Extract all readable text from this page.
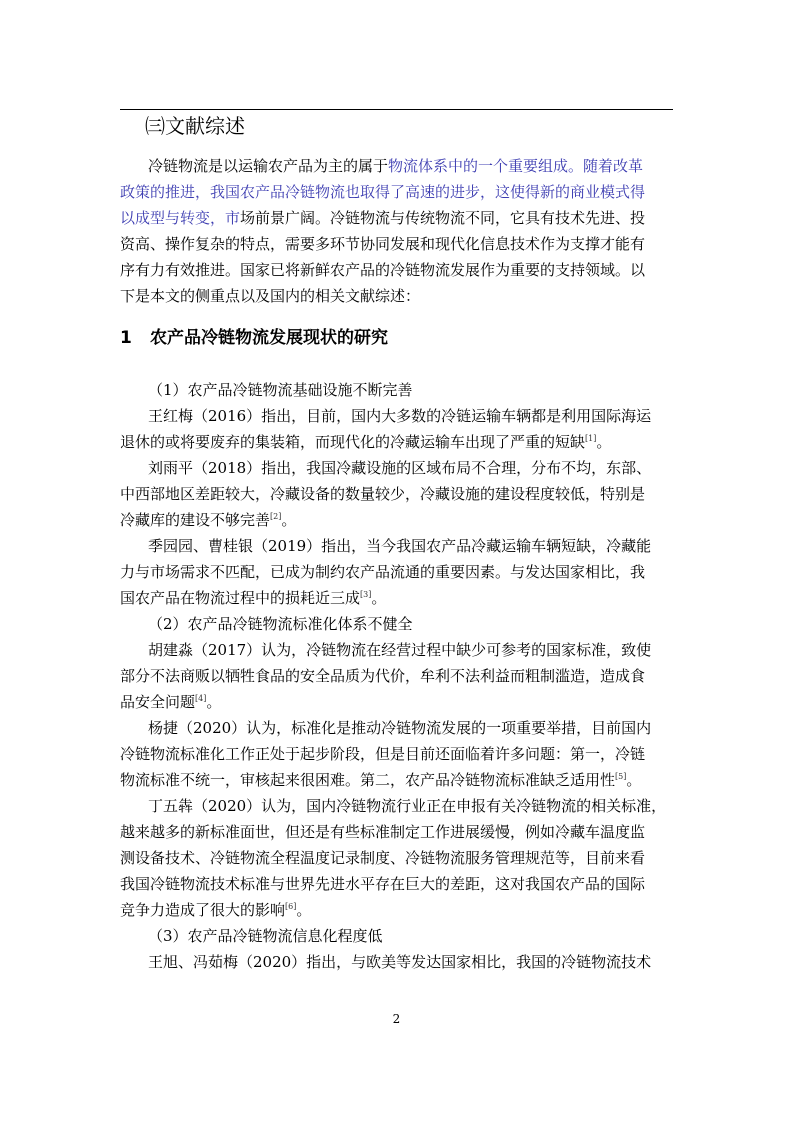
㈢文献综述
冷链物流是以运输农产品为主的属于物流体系中的一个重要组成。随着改革
政策的推进，我国农产品冷链物流也取得了高速的进步，这使得新的商业模式得
以成型与转变，市场前景广阔。冷链物流与传统物流不同，它具有技术先进、投
资高、操作复杂的特点，需要多环节协同发展和现代化信息技术作为支撑才能有
序有力有效推进。国家已将新鲜农产品的冷链物流发展作为重要的支持领域。以
下是本文的侧重点以及国内的相关文献综述：
1 农产品冷链物流发展现状的研究
（1）农产品冷链物流基础设施不断完善
王红梅（2016）指出，目前，国内大多数的冷链运输车辆都是利用国际海运
退休的或将要废弃的集装箱，而现代化的冷藏运输车出现了严重的短缺[1]。
刘雨平（2018）指出，我国冷藏设施的区域布局不合理，分布不均，东部、
中西部地区差距较大，冷藏设备的数量较少，冷藏设施的建设程度较低，特别是
冷藏库的建设不够完善[2]。
季园园、曹桂银（2019）指出，当今我国农产品冷藏运输车辆短缺，冷藏能
力与市场需求不匹配，已成为制约农产品流通的重要因素。与发达国家相比，我
国农产品在物流过程中的损耗近三成[3]。
（2）农产品冷链物流标准化体系不健全
胡建淼（2017）认为，冷链物流在经营过程中缺少可参考的国家标准，致使
部分不法商贩以牺牲食品的安全品质为代价，牟利不法利益而粗制滥造，造成食
品安全问题[4]。
杨捷（2020）认为，标准化是推动冷链物流发展的一项重要举措，目前国内
冷链物流标准化工作正处于起步阶段，但是目前还面临着许多问题：第一，冷链
物流标准不统一，审核起来很困难。第二，农产品冷链物流标准缺乏适用性[5]。
丁五犇（2020）认为，国内冷链物流行业正在申报有关冷链物流的相关标准，
越来越多的新标准面世，但还是有些标准制定工作进展缓慢，例如冷藏车温度监
测设备技术、冷链物流全程温度记录制度、冷链物流服务管理规范等，目前来看
我国冷链物流技术标准与世界先进水平存在巨大的差距，这对我国农产品的国际
竞争力造成了很大的影响[6]。
（3）农产品冷链物流信息化程度低
王旭、冯茹梅（2020）指出，与欧美等发达国家相比，我国的冷链物流技术
2
